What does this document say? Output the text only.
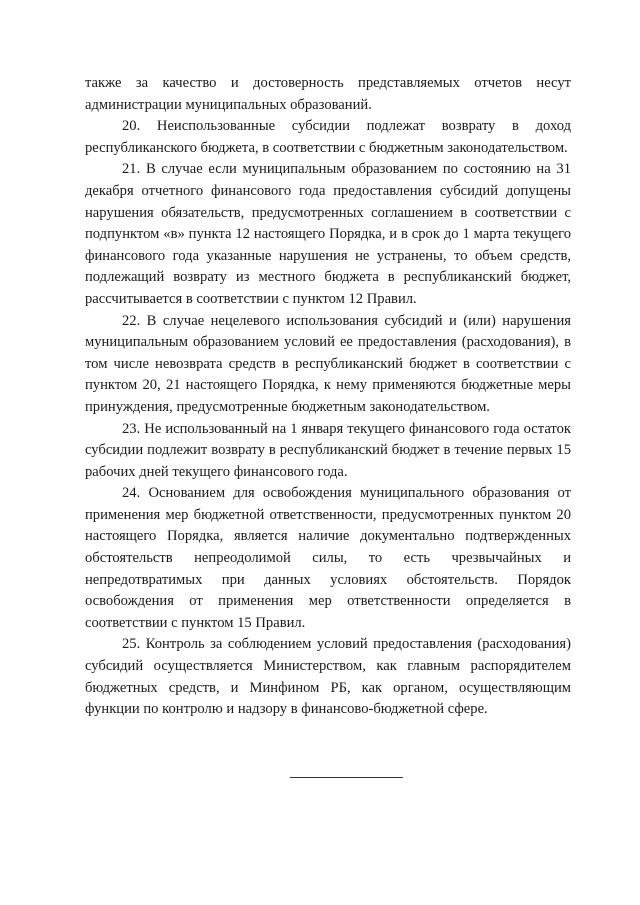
также за качество и достоверность представляемых отчетов несут администрации муниципальных образований.

20. Неиспользованные субсидии подлежат возврату в доход республиканского бюджета, в соответствии с бюджетным законодательством.

21. В случае если муниципальным образованием по состоянию на 31 декабря отчетного финансового года предоставления субсидий допущены нарушения обязательств, предусмотренных соглашением в соответствии с подпунктом «в» пункта 12 настоящего Порядка, и в срок до 1 марта текущего финансового года указанные нарушения не устранены, то объем средств, подлежащий возврату из местного бюджета в республиканский бюджет, рассчитывается в соответствии с пунктом 12 Правил.

22. В случае нецелевого использования субсидий и (или) нарушения муниципальным образованием условий ее предоставления (расходования), в том числе невозврата средств в республиканский бюджет в соответствии с пунктом 20, 21 настоящего Порядка, к нему применяются бюджетные меры принуждения, предусмотренные бюджетным законодательством.

23. Не использованный на 1 января текущего финансового года остаток субсидии подлежит возврату в республиканский бюджет в течение первых 15 рабочих дней текущего финансового года.

24. Основанием для освобождения муниципального образования от применения мер бюджетной ответственности, предусмотренных пунктом 20 настоящего Порядка, является наличие документально подтвержденных обстоятельств непреодолимой силы, то есть чрезвычайных и непредотвратимых при данных условиях обстоятельств. Порядок освобождения от применения мер ответственности определяется в соответствии с пунктом 15 Правил.

25. Контроль за соблюдением условий предоставления (расходования) субсидий осуществляется Министерством, как главным распорядителем бюджетных средств, и Минфином РБ, как органом, осуществляющим функции по контролю и надзору в финансово-бюджетной сфере.
